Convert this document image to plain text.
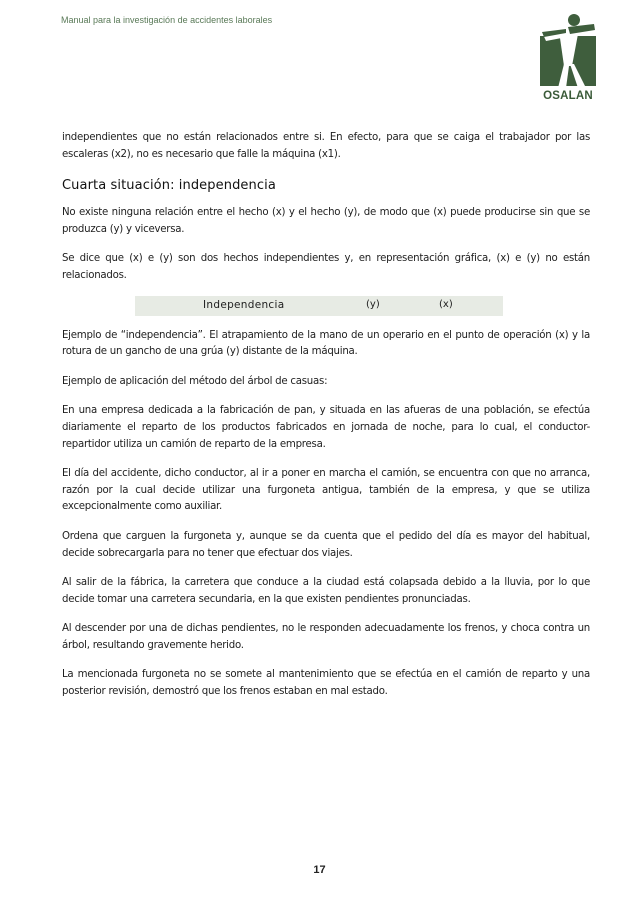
Manual para la investigación de accidentes laborales
OSALAN

independientes que no están relacionados entre si. En efecto, para que se caiga el trabajador por las escaleras (x2), no es necesario que falle la máquina (x1).

Cuarta situación: independencia

No existe ninguna relación entre el hecho (x) y el hecho (y), de modo que (x) puede producirse sin que se produzca (y) y viceversa.

Se dice que (x) e (y) son dos hechos independientes y, en representación gráfica, (x) e (y) no están relacionados.

Independencia	(y)	(x)

Ejemplo de “independencia”. El atrapamiento de la mano de un operario en el punto de operación (x) y la rotura de un gancho de una grúa (y) distante de la máquina.

Ejemplo de aplicación del método del árbol de casuas:

En una empresa dedicada a la fabricación de pan, y situada en las afueras de una población, se efectúa diariamente el reparto de los productos fabricados en jornada de noche, para lo cual, el conductor-repartidor utiliza un camión de reparto de la empresa.

El día del accidente, dicho conductor, al ir a poner en marcha el camión, se encuentra con que no arranca, razón por la cual decide utilizar una furgoneta antigua, también de la empresa, y que se utiliza excepcionalmente como auxiliar.

Ordena que carguen la furgoneta y, aunque se da cuenta que el pedido del día es mayor del habitual, decide sobrecargarla para no tener que efectuar dos viajes.

Al salir de la fábrica, la carretera que conduce a la ciudad está colapsada debido a la lluvia, por lo que decide tomar una carretera secundaria, en la que existen pendientes pronunciadas.

Al descender por una de dichas pendientes, no le responden adecuadamente los frenos, y choca contra un árbol, resultando gravemente herido.

La mencionada furgoneta no se somete al mantenimiento que se efectúa en el camión de reparto y una posterior revisión, demostró que los frenos estaban en mal estado.

17
